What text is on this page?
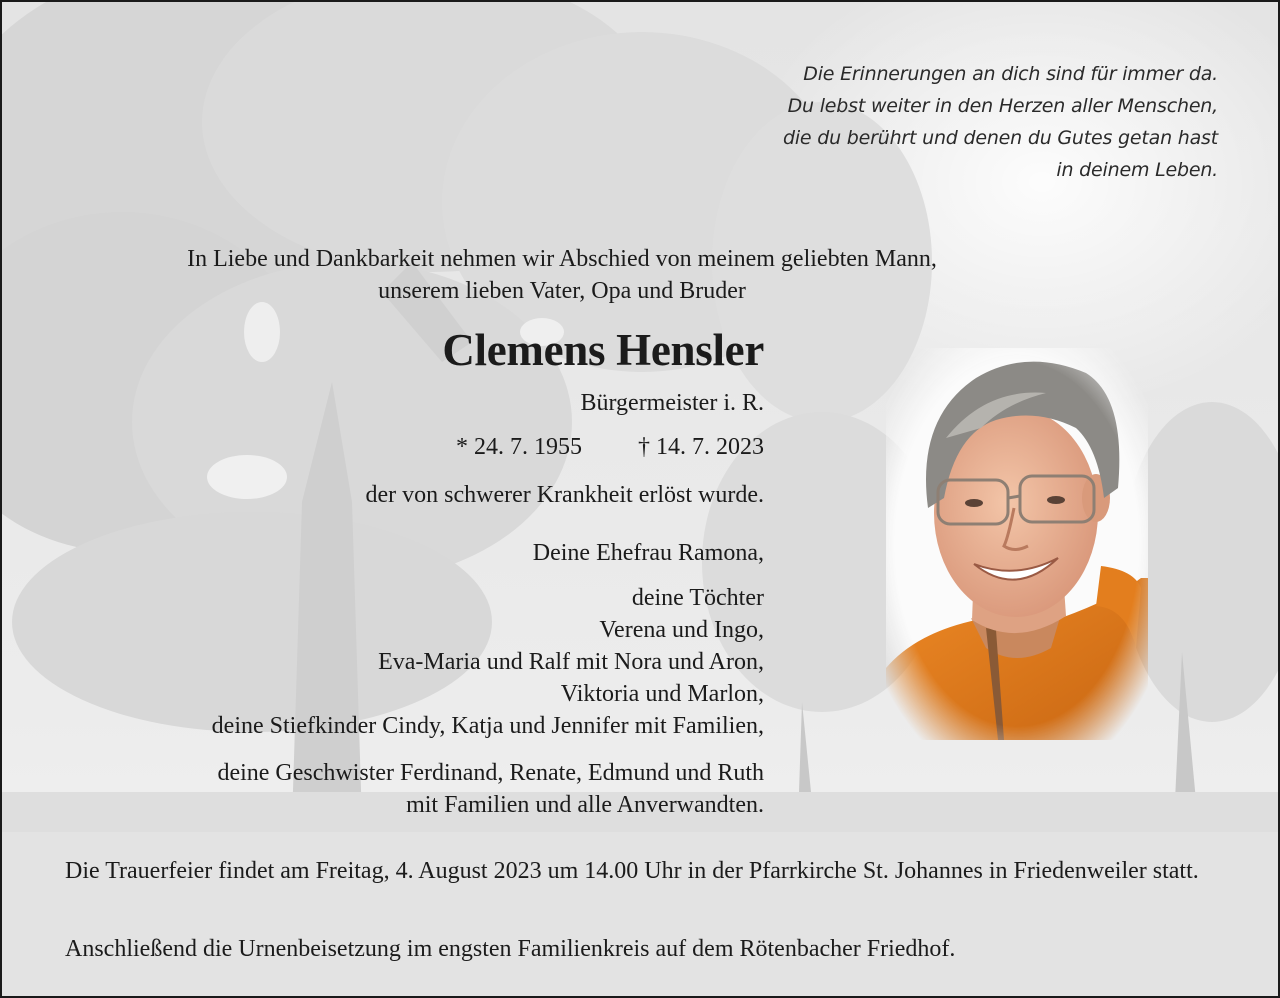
Die Erinnerungen an dich sind für immer da.
Du lebst weiter in den Herzen aller Menschen,
die du berührt und denen du Gutes getan hast
in deinem Leben.
In Liebe und Dankbarkeit nehmen wir Abschied von meinem geliebten Mann,
unserem lieben Vater, Opa und Bruder
Clemens Hensler
Bürgermeister i. R.
* 24. 7. 1955 † 14. 7. 2023
der von schwerer Krankheit erlöst wurde.
Deine Ehefrau Ramona,
deine Töchter
Verena und Ingo,
Eva-Maria und Ralf mit Nora und Aron,
Viktoria und Marlon,
deine Stiefkinder Cindy, Katja und Jennifer mit Familien,
deine Geschwister Ferdinand, Renate, Edmund und Ruth
mit Familien und alle Anverwandten.
Die Trauerfeier findet am Freitag, 4. August 2023 um 14.00 Uhr in der Pfarrkirche St. Johannes in Friedenweiler statt.
Anschließend die Urnenbeisetzung im engsten Familienkreis auf dem Rötenbacher Friedhof.
